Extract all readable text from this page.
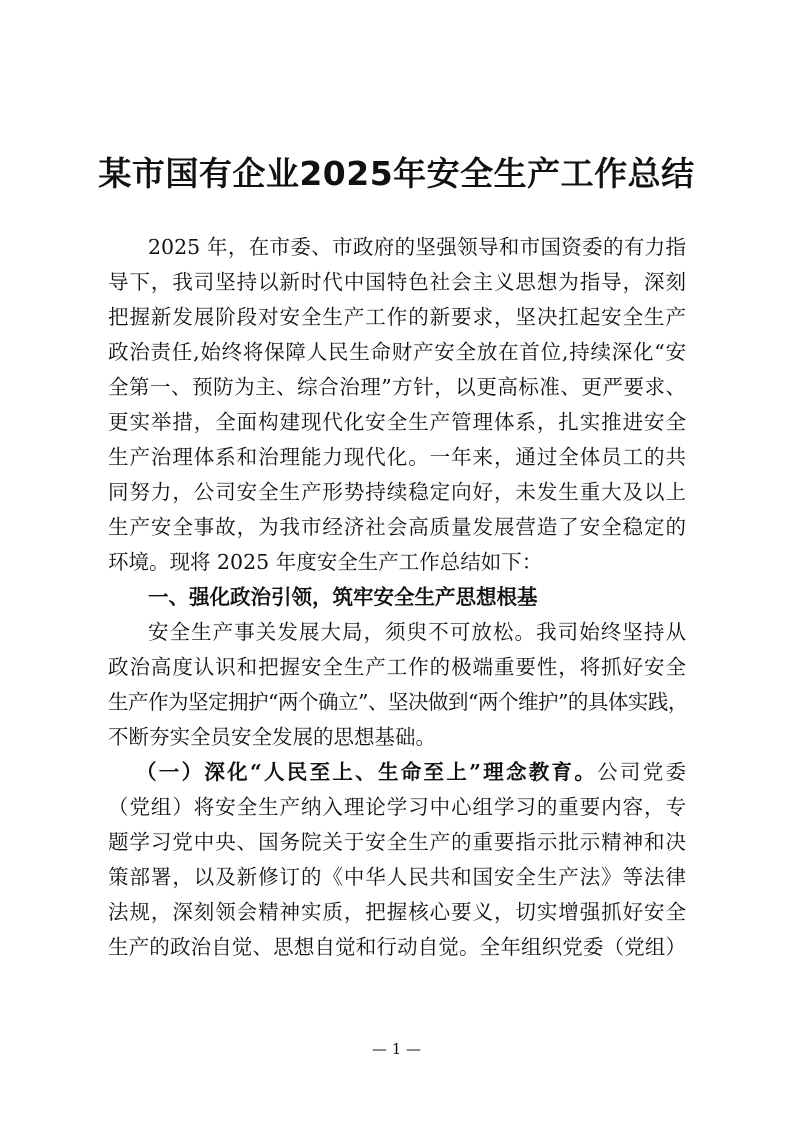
某市国有企业2025年安全生产工作总结
2025 年，在市委、市政府的坚强领导和市国资委的有力指
导下，我司坚持以新时代中国特色社会主义思想为指导，深刻
把握新发展阶段对安全生产工作的新要求，坚决扛起安全生产
政治责任,始终将保障人民生命财产安全放在首位,持续深化“安
全第一、预防为主、综合治理”方针，以更高标准、更严要求、
更实举措，全面构建现代化安全生产管理体系，扎实推进安全
生产治理体系和治理能力现代化。一年来，通过全体员工的共
同努力，公司安全生产形势持续稳定向好，未发生重大及以上
生产安全事故，为我市经济社会高质量发展营造了安全稳定的
环境。现将 2025 年度安全生产工作总结如下：
一、强化政治引领，筑牢安全生产思想根基
安全生产事关发展大局，须臾不可放松。我司始终坚持从
政治高度认识和把握安全生产工作的极端重要性，将抓好安全
生产作为坚定拥护“两个确立”、坚决做到“两个维护”的具体实践，
不断夯实全员安全发展的思想基础。
（一）深化“人民至上、生命至上”理念教育。公司党委
（党组）将安全生产纳入理论学习中心组学习的重要内容，专
题学习党中央、国务院关于安全生产的重要指示批示精神和决
策部署，以及新修订的《中华人民共和国安全生产法》等法律
法规，深刻领会精神实质，把握核心要义，切实增强抓好安全
生产的政治自觉、思想自觉和行动自觉。全年组织党委（党组）
— 1 —
